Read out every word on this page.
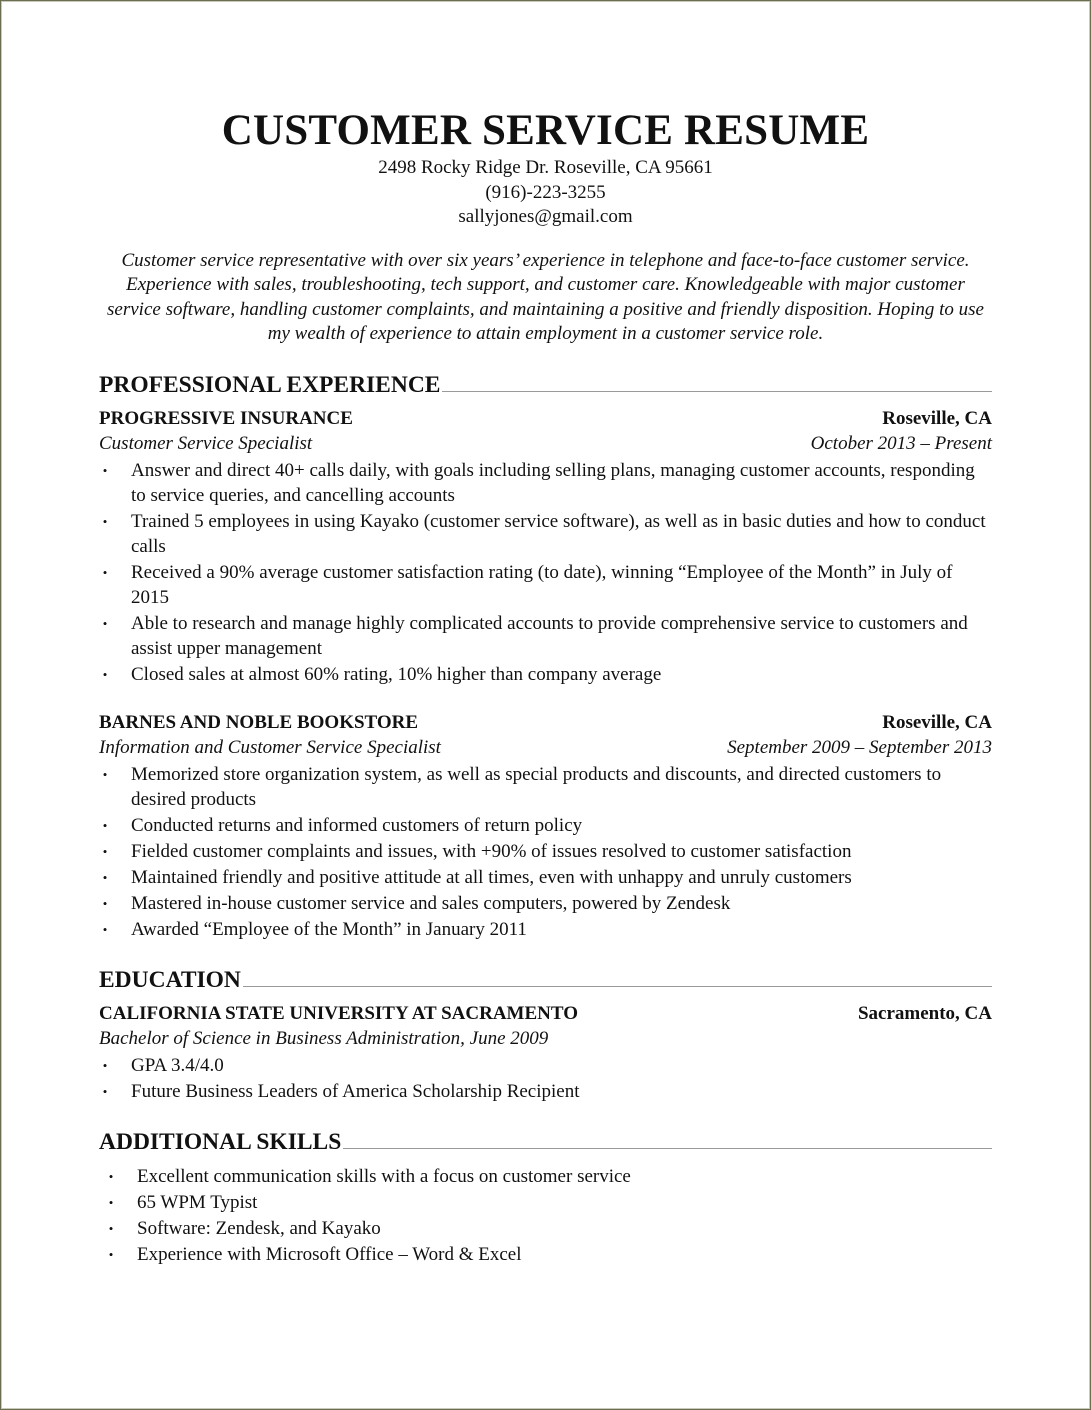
CUSTOMER SERVICE RESUME
2498 Rocky Ridge Dr. Roseville, CA 95661
(916)-223-3255
sallyjones@gmail.com
Customer service representative with over six years’ experience in telephone and face-to-face customer service. Experience with sales, troubleshooting, tech support, and customer care. Knowledgeable with major customer service software, handling customer complaints, and maintaining a positive and friendly disposition. Hoping to use my wealth of experience to attain employment in a customer service role.
PROFESSIONAL EXPERIENCE
PROGRESSIVE INSURANCE	Roseville, CA
Customer Service Specialist	October 2013 – Present
• Answer and direct 40+ calls daily, with goals including selling plans, managing customer accounts, responding to service queries, and cancelling accounts
• Trained 5 employees in using Kayako (customer service software), as well as in basic duties and how to conduct calls
• Received a 90% average customer satisfaction rating (to date), winning “Employee of the Month” in July of 2015
• Able to research and manage highly complicated accounts to provide comprehensive service to customers and assist upper management
• Closed sales at almost 60% rating, 10% higher than company average
BARNES AND NOBLE BOOKSTORE	Roseville, CA
Information and Customer Service Specialist	September 2009 – September 2013
• Memorized store organization system, as well as special products and discounts, and directed customers to desired products
• Conducted returns and informed customers of return policy
• Fielded customer complaints and issues, with +90% of issues resolved to customer satisfaction
• Maintained friendly and positive attitude at all times, even with unhappy and unruly customers
• Mastered in-house customer service and sales computers, powered by Zendesk
• Awarded “Employee of the Month” in January 2011
EDUCATION
CALIFORNIA STATE UNIVERSITY AT SACRAMENTO	Sacramento, CA
Bachelor of Science in Business Administration, June 2009
• GPA 3.4/4.0
• Future Business Leaders of America Scholarship Recipient
ADDITIONAL SKILLS
• Excellent communication skills with a focus on customer service
• 65 WPM Typist
• Software: Zendesk, and Kayako
• Experience with Microsoft Office – Word & Excel
